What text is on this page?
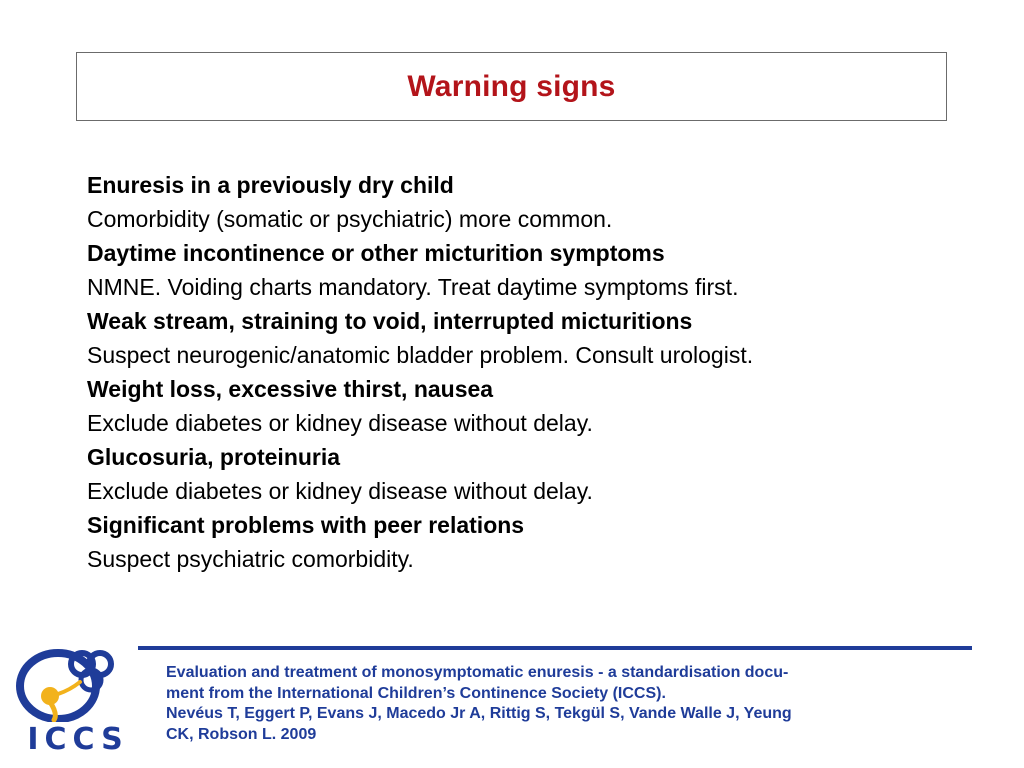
Warning signs
Enuresis in a previously dry child
Comorbidity (somatic or psychiatric) more common.
Daytime incontinence or other micturition symptoms
NMNE. Voiding charts mandatory. Treat daytime symptoms first.
Weak stream, straining to void, interrupted micturitions
Suspect neurogenic/anatomic bladder problem. Consult urologist.
Weight loss, excessive thirst, nausea
Exclude diabetes or kidney disease without delay.
Glucosuria, proteinuria
Exclude diabetes or kidney disease without delay.
Significant problems with peer relations
Suspect psychiatric comorbidity.
ICCS
Evaluation and treatment of monosymptomatic enuresis - a standardisation docu-
ment from the International Children’s Continence Society (ICCS).
Nevéus T, Eggert P, Evans J, Macedo Jr A, Rittig S, Tekgül S, Vande Walle J, Yeung
CK, Robson L. 2009
